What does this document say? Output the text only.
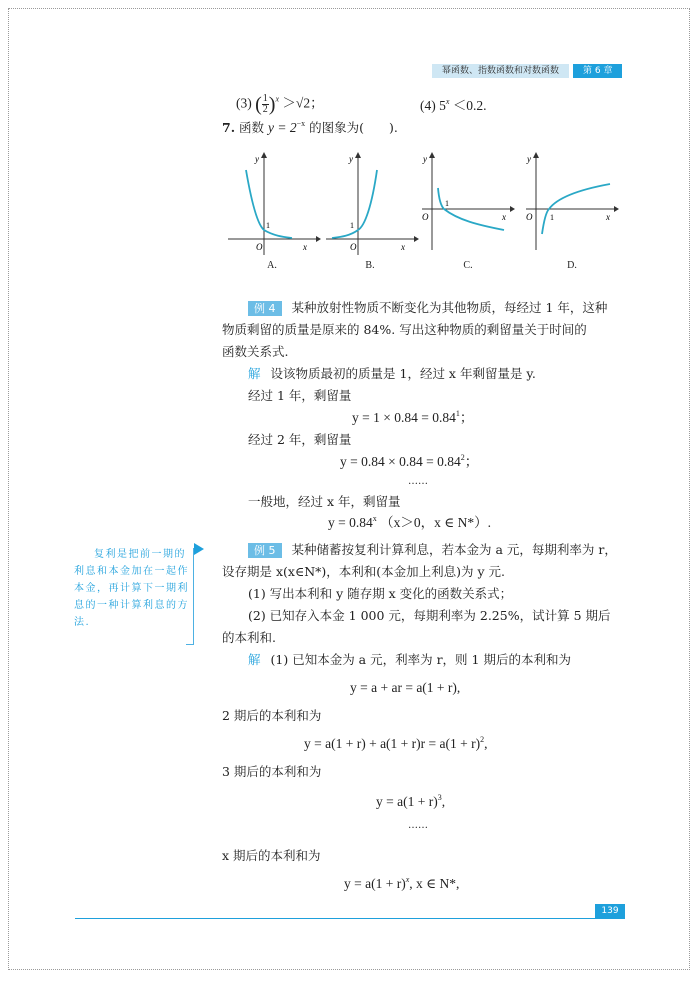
幂函数、指数函数和对数函数	第 6 章
(3) ( $\frac{1}{2} )^x >√2$；	(4) $5^x <0.2$.
7. 函数 $y = 2^{-x}$ 的图象为(　　).
y
1
O	x
A.
y
1
O	x
B.
y
1
O	x
C.
y
1
O	x
D.
例 4 某种放射性物质不断变化为其他物质，每经过 1 年，这种
物质剩留的质量是原来的 84%. 写出这种物质的剩留量关于时间的
函数关系式.
解 设该物质最初的质量是 1，经过 x 年剩留量是 y.
经过 1 年，剩留量
$y = 1 \times 0.84 = 0.84^1$；
经过 2 年，剩留量
$y = 0.84 \times 0.84 = 0.84^2$；
……
一般地，经过 x 年，剩留量
$y = 0.84^x$ （x＞0，x ∈ N*）.
复利是把前一期的利息和本金加在一起作本金，再计算下一期利息的一种计算利息的方法.
例 5 某种储蓄按复利计算利息，若本金为 a 元，每期利率为 r，
设存期是 x(x∈N*)，本利和(本金加上利息)为 y 元.
(1) 写出本利和 y 随存期 x 变化的函数关系式；
(2) 已知存入本金 1 000 元，每期利率为 2.25%，试计算 5 期后
的本利和.
解 (1) 已知本金为 a 元，利率为 r，则 1 期后的本利和为
y = a + ar = a(1 + r),
2 期后的本利和为
$y = a(1 + r) + a(1 + r)r = a(1 + r)^2$,
3 期后的本利和为
$y = a(1 + r)^3$,
……
x 期后的本利和为
$y = a(1 + r)^x$, x ∈ N*,
139
